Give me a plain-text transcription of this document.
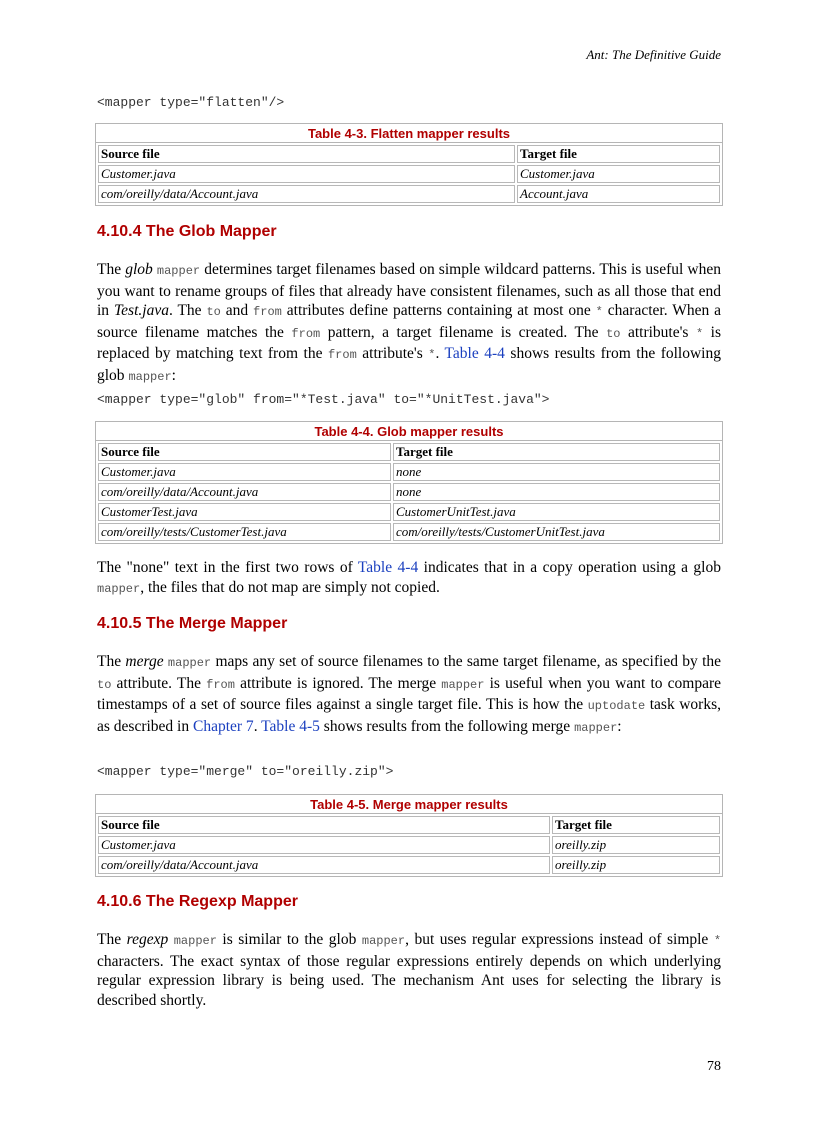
Ant: The Definitive Guide
<mapper type="flatten"/>
Table 4-3. Flatten mapper results
Source file	Target file
Customer.java	Customer.java
com/oreilly/data/Account.java	Account.java
4.10.4 The Glob Mapper

The glob mapper determines target filenames based on simple wildcard patterns. This is useful when you want to rename groups of files that already have consistent filenames, such as all those that end in Test.java. The to and from attributes define patterns containing at most one * character. When a source filename matches the from pattern, a target filename is created. The to attribute's * is replaced by matching text from the from attribute's *. Table 4-4 shows results from the following glob mapper:

<mapper type="glob" from="*Test.java" to="*UnitTest.java">
Table 4-4. Glob mapper results
Source file	Target file
Customer.java	none
com/oreilly/data/Account.java	none
CustomerTest.java	CustomerUnitTest.java
com/oreilly/tests/CustomerTest.java	com/oreilly/tests/CustomerUnitTest.java

The "none" text in the first two rows of Table 4-4 indicates that in a copy operation using a glob mapper, the files that do not map are simply not copied.

4.10.5 The Merge Mapper

The merge mapper maps any set of source filenames to the same target filename, as specified by the to attribute. The from attribute is ignored. The merge mapper is useful when you want to compare timestamps of a set of source files against a single target file. This is how the uptodate task works, as described in Chapter 7. Table 4-5 shows results from the following merge mapper:

<mapper type="merge" to="oreilly.zip">
Table 4-5. Merge mapper results
Source file	Target file
Customer.java	oreilly.zip
com/oreilly/data/Account.java	oreilly.zip
4.10.6 The Regexp Mapper

The regexp mapper is similar to the glob mapper, but uses regular expressions instead of simple * characters. The exact syntax of those regular expressions entirely depends on which underlying regular expression library is being used. The mechanism Ant uses for selecting the library is described shortly.

78
